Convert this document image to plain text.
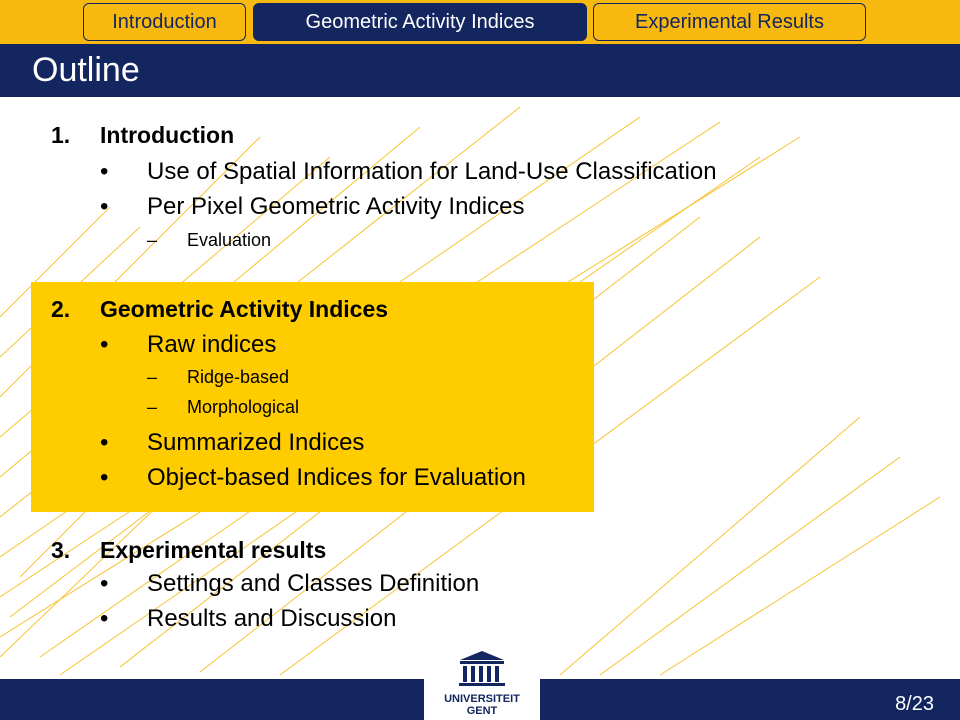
Introduction	Geometric Activity Indices	Experimental Results
Outline
1. Introduction
• Use of Spatial Information for Land-Use Classification
• Per Pixel Geometric Activity Indices
– Evaluation
2. Geometric Activity Indices
• Raw indices
– Ridge-based
– Morphological
• Summarized Indices
• Object-based Indices for Evaluation
3. Experimental results
• Settings and Classes Definition
• Results and Discussion
UNIVERSITEIT
GENT	8/23
